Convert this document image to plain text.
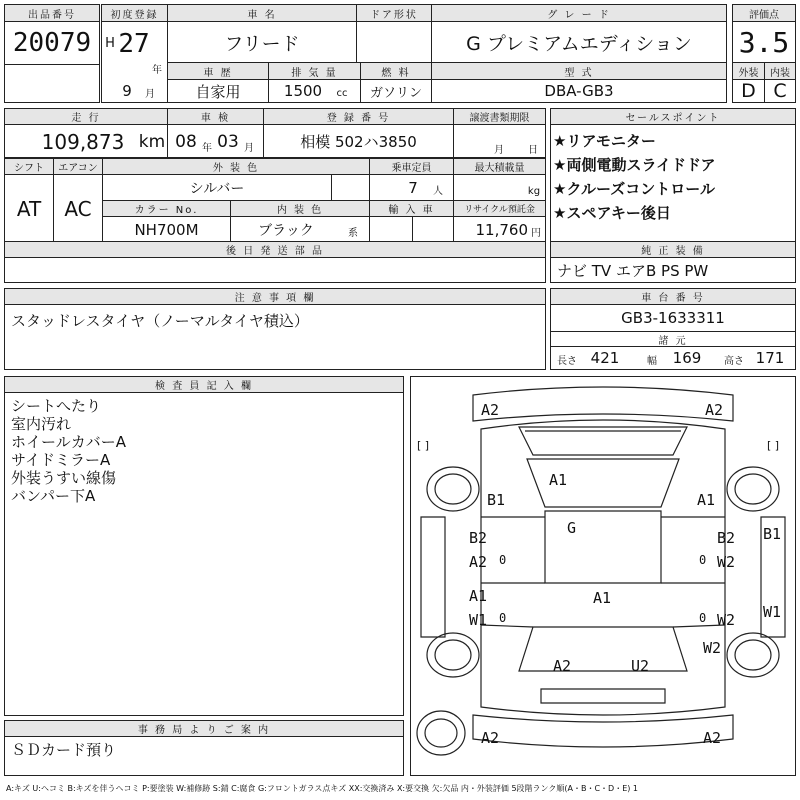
出品番号
20079
初度登録
H 27
年
9	月
車 名
フリード
ドア形状	グ レ ー ド
G プレミアムエディション
評価点
3.5
車 歴
自家用
排 気 量
1500	cc
燃 料
ガソリン
型 式
DBA-GB3
外装
D
内装
C
走 行
109,873 km
車 検
08 年 03 月
登 録 番 号
相模 502ハ3850
譲渡書類期限
月 日
セールスポイント
★リアモニター
★両側電動スライドドア
★クルーズコントロール
★スペアキー後日
シフト
AT
エアコン
AC
外 装 色
シルバー
乗車定員
7	人
最大積載量
kg
カラー No.
NH700M
内 装 色
ブラック	系
輸 入 車	リサイクル預託金
11,760 円
後 日 発 送 部 品	純 正 装 備
ナビ TV エアB PS PW
注 意 事 項 欄
スタッドレスタイヤ（ノーマルタイヤ積込）
車 台 番 号
GB3-1633311
諸 元
長さ 421	幅	169	高さ 171
検 査 員 記 入 欄
シートへたり
室内汚れ
ホイールカバーA
サイドミラーA
外装うすい線傷
バンパー下A
事 務 局 よ り ご 案 内
ＳＤカード預り
[ ]	[ ]
A2	A2
A1
B1	A1
G
B2
A2 0
B2
W2
0
B1
A1
A1
W1 0	W2
0	W1
W2
A2	U2
A2	A2
A:キズ U:ヘコミ B:キズを伴うヘコミ P:要塗装 W:補修跡 S:錆 C:腐食 G:フロントガラス点キズ XX:交換済み X:要交換 欠:欠品 内・外装評価 5段階ランク順(A・B・C・D・E) 1
